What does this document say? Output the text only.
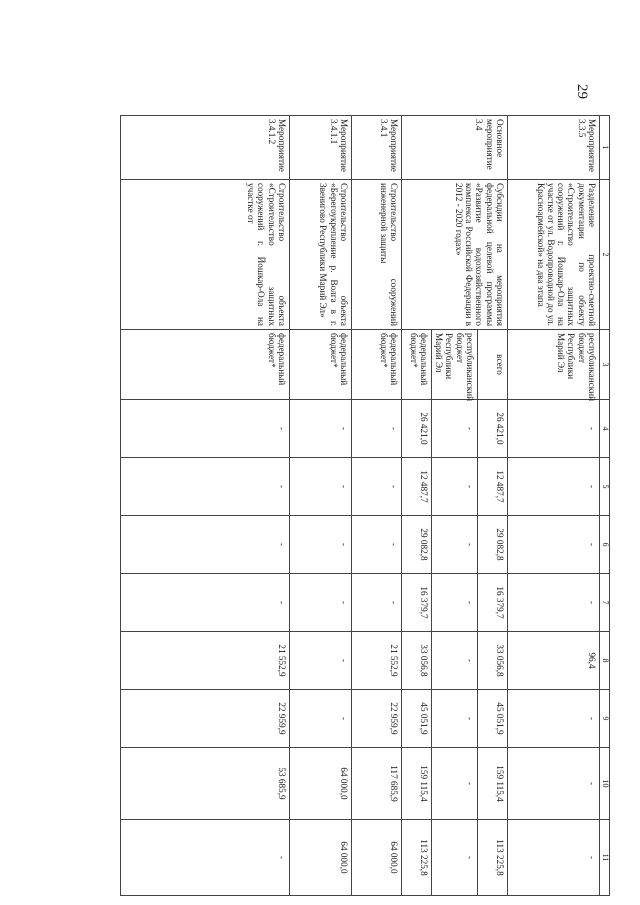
29
1	2	3	4	5	6	7	8	9	10	11
Мероприятие 3.3.5	Разделение проектно-сметной документации по объекту «Строительство защитных сооружений г. Йошкар-Ола на участке от ул. Водопроводной до ул. Красноармейской» на два этапа	республиканский бюджет Республики Марий Эл	-	-	-	-	96,4	-	-	-
Основное мероприятие 3.4	Субсидии на мероприятия федеральной целевой программы «Развитие водохозяйственного комплекса Российской Федерации в 2012 - 2020 годах»	всего	26 421,0	12 487,7	29 082,8	16 379,7	33 056,8	45 051,9	159 115,4	113 225,8
		республиканский бюджет Республики Марий Эл	-	-	-	-	-	-	-	-
		федеральный бюджет*	26 421,0	12 487,7	29 082,8	16 379,7	33 056,8	45 051,9	159 115,4	113 225,8
Мероприятие 3.4.1	Строительство сооружений инженерной защиты	федеральный бюджет*	-	-	-	-	21 552,9	22 959,9	117 685,9	64 000,0
Мероприятие 3.4.1.1	Строительство объекта «Берегоукрепление р. Волга в г. Звенигово Республики Марий Эл»	федеральный бюджет*	-	-	-	-	-	-	64 000,0	64 000,0
Мероприятие 3.4.1.2	Строительство объекта «Строительство защитных сооружений г. Йошкар-Ола на участке от	федеральный бюджет*	-	-	-	-	21 552,9	22 959,9	53 685,9	-
